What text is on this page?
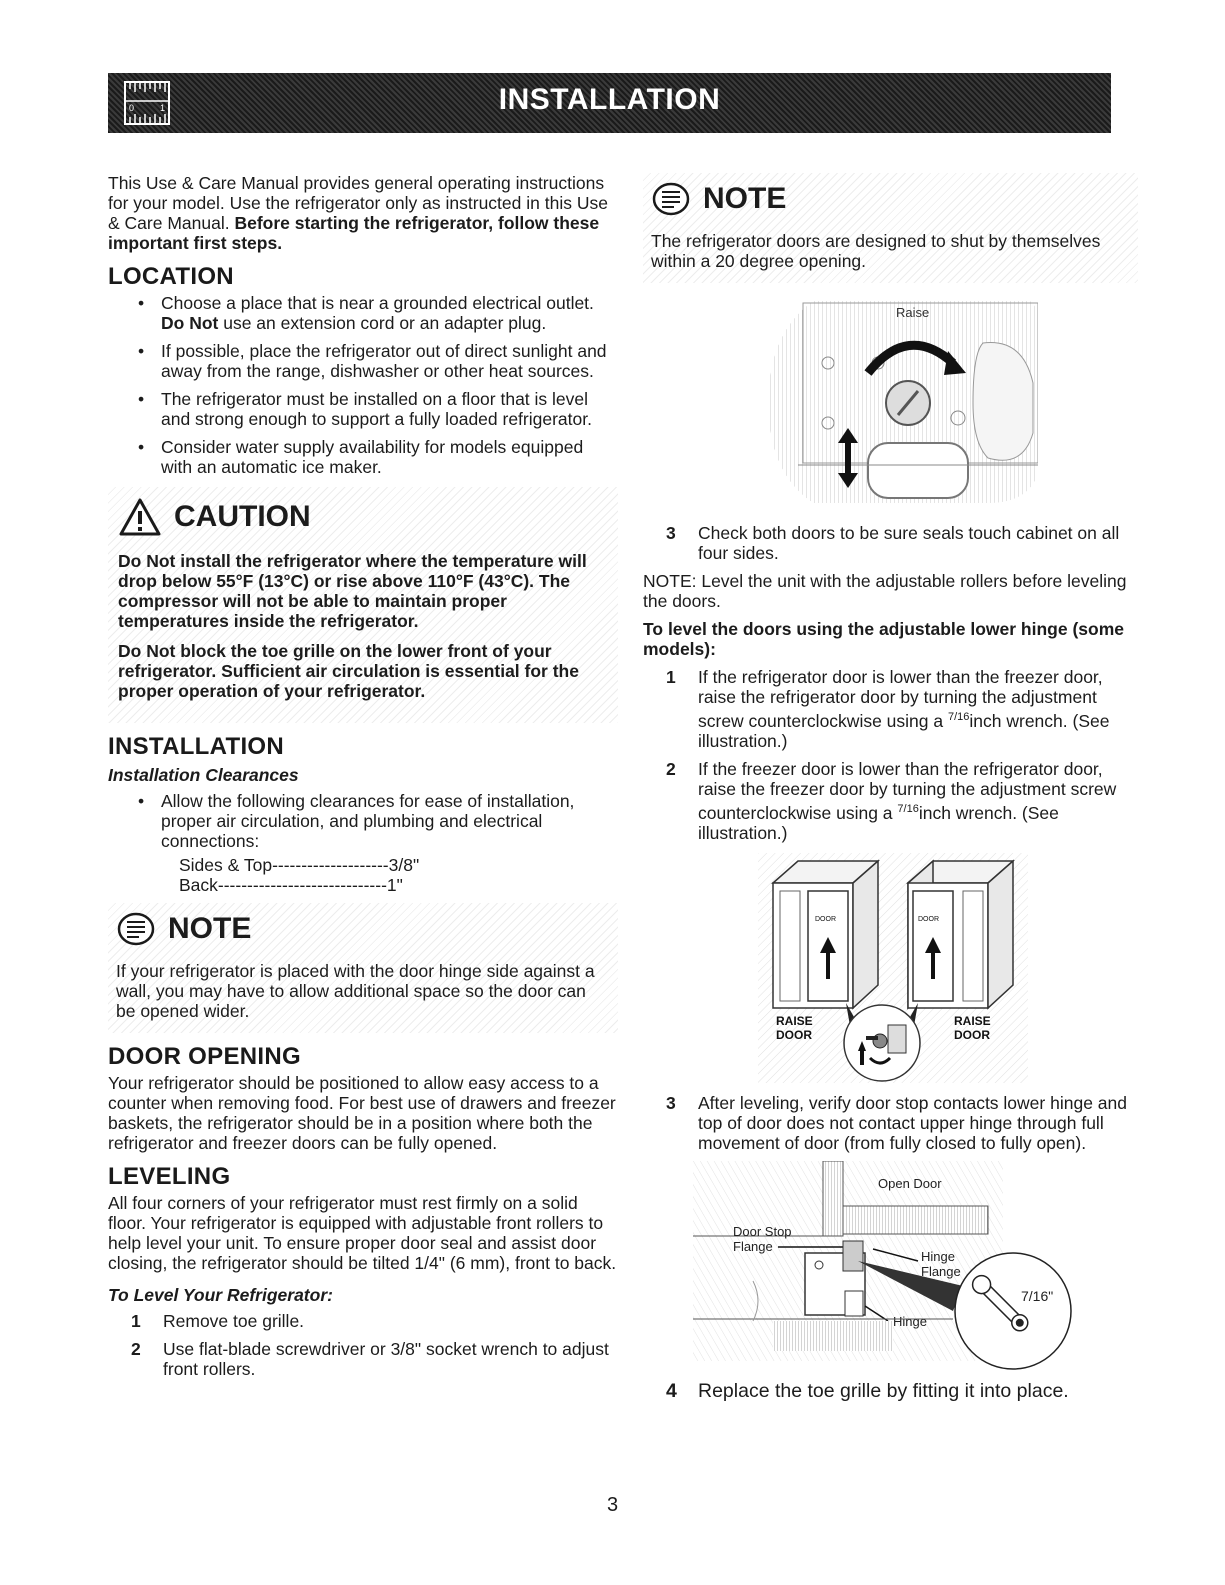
0	1	INSTALLATION

This Use & Care Manual provides general operating instructions for your model. Use the refrigerator only as instructed in this Use & Care Manual. Before starting the refrigerator, follow these important first steps.

LOCATION
• Choose a place that is near a grounded electrical outlet. Do Not use an extension cord or an adapter plug.
• If possible, place the refrigerator out of direct sunlight and away from the range, dishwasher or other heat sources.
• The refrigerator must be installed on a floor that is level and strong enough to support a fully loaded refrigerator.
• Consider water supply availability for models equipped with an automatic ice maker.
CAUTION

Do Not install the refrigerator where the temperature will drop below 55°F (13°C) or rise above 110°F (43°C). The compressor will not be able to maintain proper temperatures inside the refrigerator.

Do Not block the toe grille on the lower front of your refrigerator. Sufficient air circulation is essential for the proper operation of your refrigerator.

INSTALLATION
Installation Clearances
• Allow the following clearances for ease of installation, proper air circulation, and plumbing and electrical connections:
Sides & Top--------------------3/8"
Back-----------------------------1"
NOTE

If your refrigerator is placed with the door hinge side against a wall, you may have to allow additional space so the door can be opened wider.

DOOR OPENING

Your refrigerator should be positioned to allow easy access to a counter when removing food. For best use of drawers and freezer baskets, the refrigerator should be in a position where both the refrigerator and freezer doors can be fully opened.

LEVELING

All four corners of your refrigerator must rest firmly on a solid floor. Your refrigerator is equipped with adjustable front rollers to help level your unit. To ensure proper door seal and assist door closing, the refrigerator should be tilted 1/4" (6 mm), front to back.

To Level Your Refrigerator:
1 Remove toe grille.
2 Use flat-blade screwdriver or 3/8" socket wrench to adjust front rollers.
NOTE

The refrigerator doors are designed to shut by themselves within a 20 degree opening.

Raise
3 Check both doors to be sure seals touch cabinet on all four sides.

NOTE: Level the unit with the adjustable rollers before leveling the doors.

To level the doors using the adjustable lower hinge (some models):

1 If the refrigerator door is lower than the freezer door, raise the refrigerator door by turning the adjustment screw counterclockwise using a $^{7/16}$inch wrench. (See illustration.)
2 If the freezer door is lower than the refrigerator door, raise the freezer door by turning the adjustment screw counterclockwise using a $^{7/16}$inch wrench. (See illustration.)
DOOR	DOOR
RAISE
DOOR
RAISE
DOOR
3 After leveling, verify door stop contacts lower hinge and top of door does not contact upper hinge through full movement of door (from fully closed to fully open).
Open Door
Door Stop
Flange
Hinge
Flange
Hinge
7/16"
4 Replace the toe grille by fitting it into place.
3
